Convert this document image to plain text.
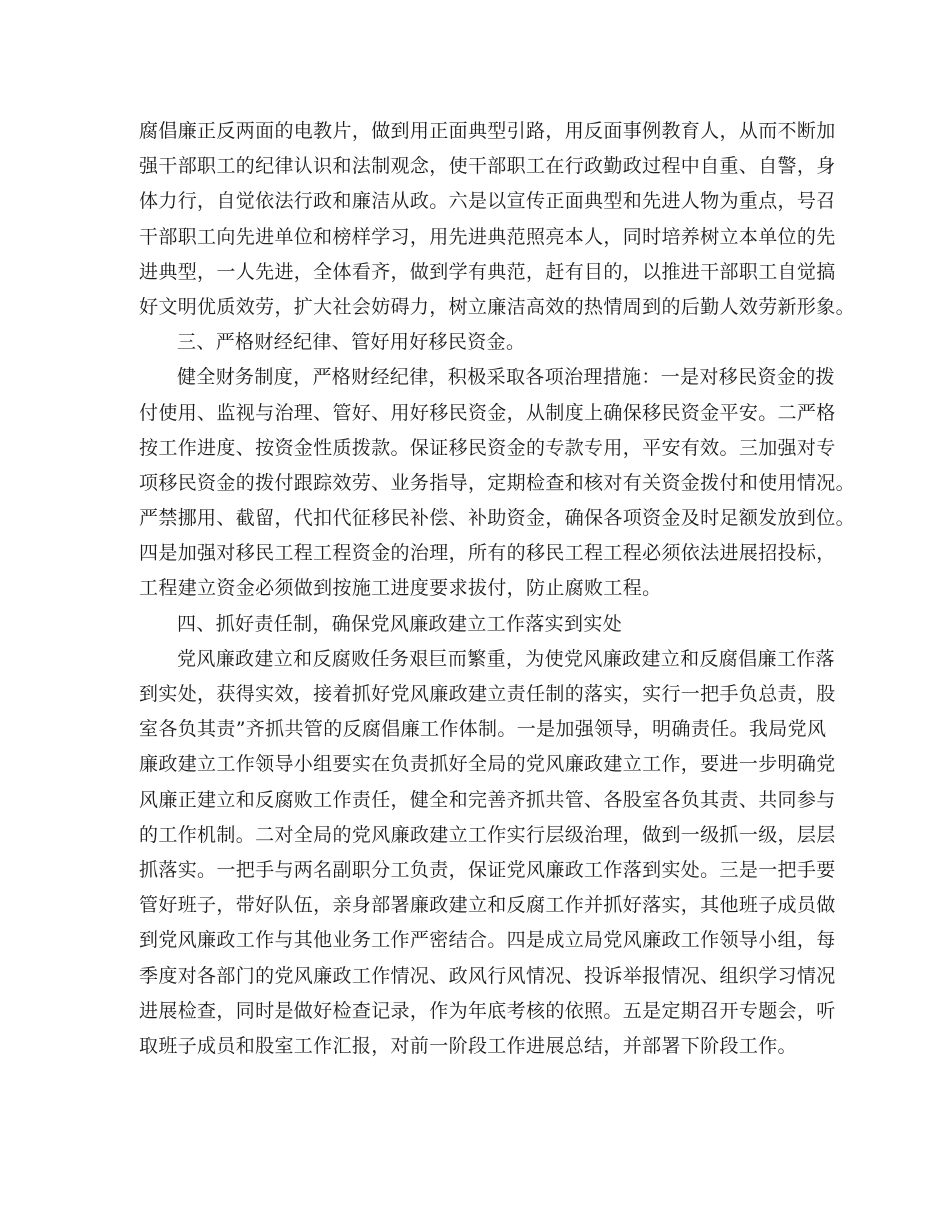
腐倡廉正反两面的电教片，做到用正面典型引路，用反面事例教育人，从而不断加
强干部职工的纪律认识和法制观念，使干部职工在行政勤政过程中自重、自警，身
体力行，自觉依法行政和廉洁从政。六是以宣传正面典型和先进人物为重点，号召
干部职工向先进单位和榜样学习，用先进典范照亮本人，同时培养树立本单位的先
进典型，一人先进，全体看齐，做到学有典范，赶有目的，以推进干部职工自觉搞
好文明优质效劳，扩大社会妨碍力，树立廉洁高效的热情周到的后勤人效劳新形象。
三、严格财经纪律、管好用好移民资金。
健全财务制度，严格财经纪律，积极采取各项治理措施：一是对移民资金的拨
付使用、监视与治理、管好、用好移民资金，从制度上确保移民资金平安。二严格
按工作进度、按资金性质拨款。保证移民资金的专款专用，平安有效。三加强对专
项移民资金的拨付跟踪效劳、业务指导，定期检查和核对有关资金拨付和使用情况。
严禁挪用、截留，代扣代征移民补偿、补助资金，确保各项资金及时足额发放到位。
四是加强对移民工程工程资金的治理，所有的移民工程工程必须依法进展招投标，
工程建立资金必须做到按施工进度要求拔付，防止腐败工程。
四、抓好责任制，确保党风廉政建立工作落实到实处
党风廉政建立和反腐败任务艰巨而繁重，为使党风廉政建立和反腐倡廉工作落
到实处，获得实效，接着抓好党风廉政建立责任制的落实，实行一把手负总责，股
室各负其责”齐抓共管的反腐倡廉工作体制。一是加强领导，明确责任。我局党风
廉政建立工作领导小组要实在负责抓好全局的党风廉政建立工作，要进一步明确党
风廉正建立和反腐败工作责任，健全和完善齐抓共管、各股室各负其责、共同参与
的工作机制。二对全局的党风廉政建立工作实行层级治理，做到一级抓一级，层层
抓落实。一把手与两名副职分工负责，保证党风廉政工作落到实处。三是一把手要
管好班子，带好队伍，亲身部署廉政建立和反腐工作并抓好落实，其他班子成员做
到党风廉政工作与其他业务工作严密结合。四是成立局党风廉政工作领导小组，每
季度对各部门的党风廉政工作情况、政风行风情况、投诉举报情况、组织学习情况
进展检查，同时是做好检查记录，作为年底考核的依照。五是定期召开专题会，听
取班子成员和股室工作汇报，对前一阶段工作进展总结，并部署下阶段工作。
